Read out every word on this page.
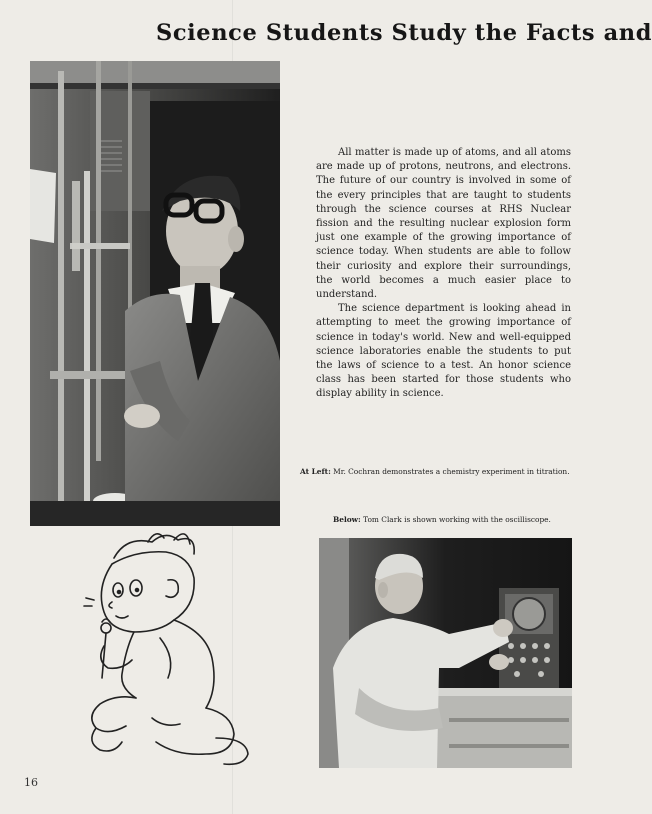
Science Students Study the Facts and

All matter is made up of atoms, and all atoms are made up of protons, neutrons, and electrons. The future of our country is involved in some of the every principles that are taught to students through the science courses at RHS Nuclear fission and the resulting nuclear explosion form just one example of the growing importance of science today. When students are able to follow their curiosity and explore their surroundings, the world becomes a much easier place to understand.

The science department is looking ahead in attempting to meet the growing importance of science in today's world. New and well-equipped science laboratories enable the students to put the laws of science to a test. An honor science class has been started for those students who display ability in science.

At Left: Mr. Cochran demonstrates a chemistry experiment in titration.
Below: Tom Clark is shown working with the oscilliscope.
16
